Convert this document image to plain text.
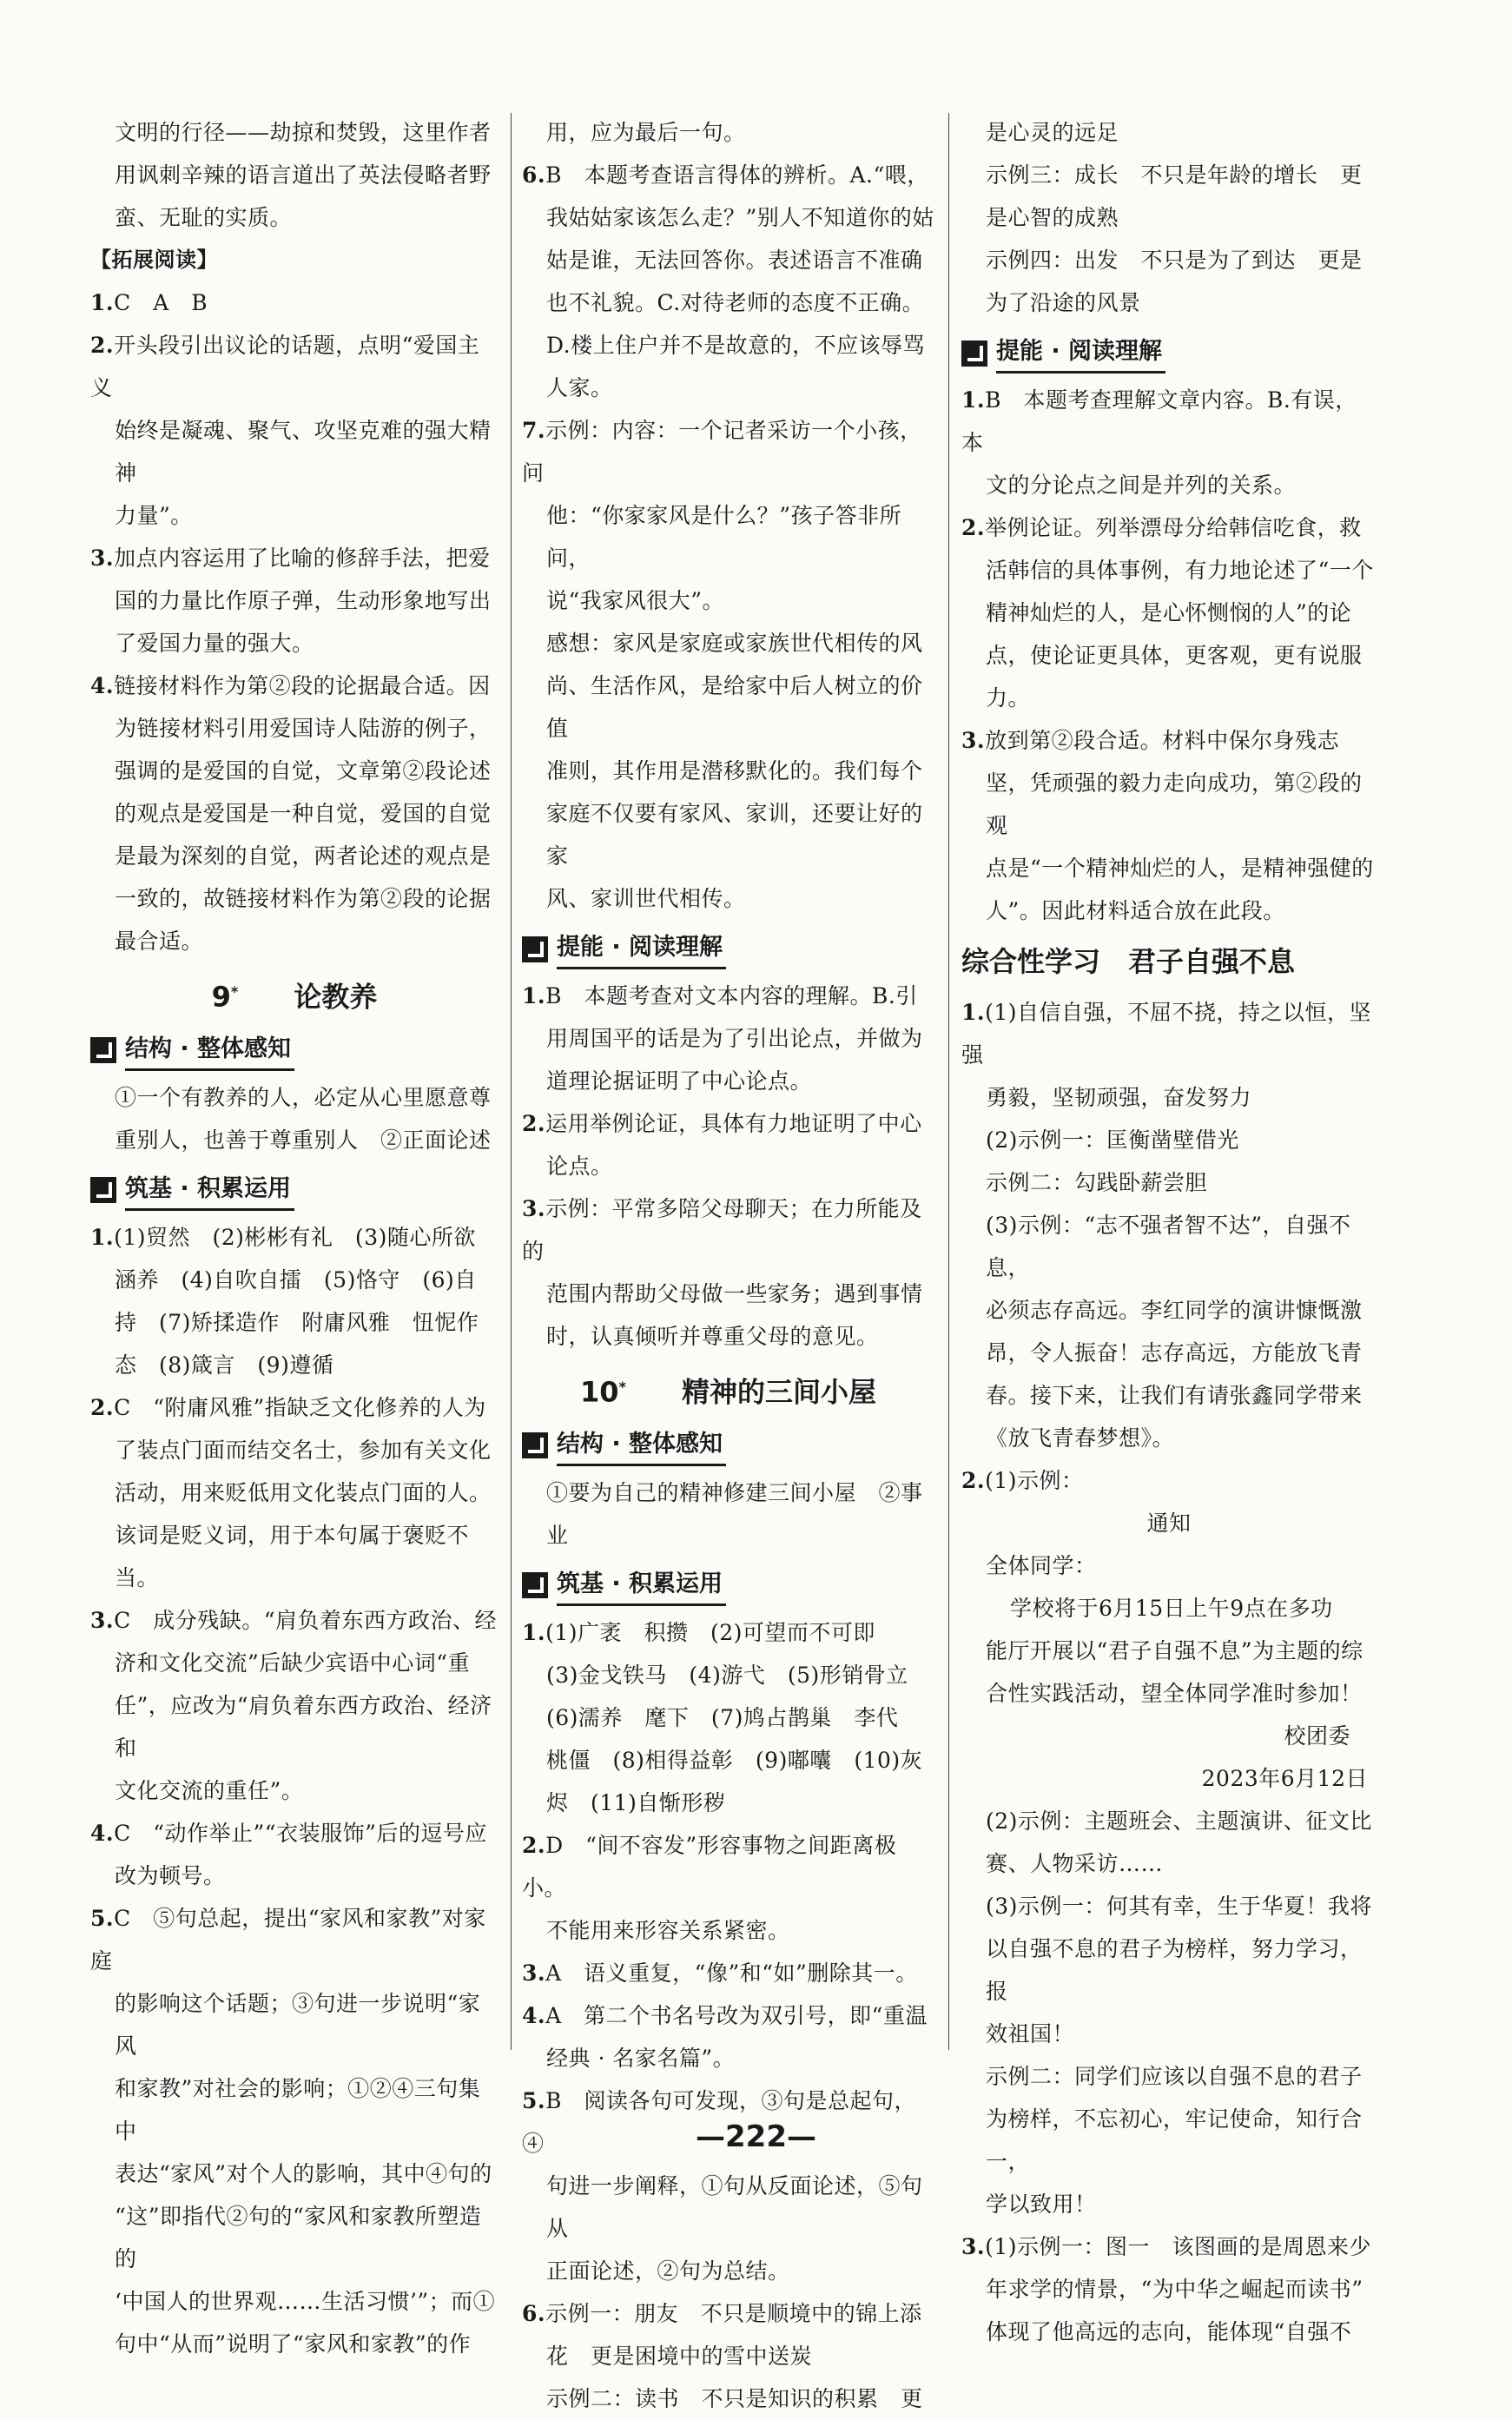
文明的行径——劫掠和焚毁，这里作者

用讽刺辛辣的语言道出了英法侵略者野

蛮、无耻的实质。

【拓展阅读】

1.C　A　B

2.开头段引出议论的话题，点明“爱国主义

始终是凝魂、聚气、攻坚克难的强大精神

力量”。

3.加点内容运用了比喻的修辞手法，把爱

国的力量比作原子弹，生动形象地写出

了爱国力量的强大。

4.链接材料作为第②段的论据最合适。因

为链接材料引用爱国诗人陆游的例子，

强调的是爱国的自觉，文章第②段论述

的观点是爱国是一种自觉，爱国的自觉

是最为深刻的自觉，两者论述的观点是

一致的，故链接材料作为第②段的论据

最合适。

9*　　 论教养
结构 · 整体感知

①一个有教养的人，必定从心里愿意尊

重别人，也善于尊重别人　②正面论述

筑基 · 积累运用

1.(1)贸然　(2)彬彬有礼　(3)随心所欲

涵养　(4)自吹自擂　(5)恪守　(6)自

持　(7)矫揉造作　附庸风雅　忸怩作

态　(8)箴言　(9)遵循

2.C　“附庸风雅”指缺乏文化修养的人为

了装点门面而结交名士，参加有关文化

活动，用来贬低用文化装点门面的人。

该词是贬义词，用于本句属于褒贬不当。

3.C　成分残缺。“肩负着东西方政治、经

济和文化交流”后缺少宾语中心词“重

任”，应改为“肩负着东西方政治、经济和

文化交流的重任”。

4.C　“动作举止”“衣装服饰”后的逗号应

改为顿号。

5.C　⑤句总起，提出“家风和家教”对家庭

的影响这个话题；③句进一步说明“家风

和家教”对社会的影响；①②④三句集中

表达“家风”对个人的影响，其中④句的

“这”即指代②句的“家风和家教所塑造的

‘中国人的世界观……生活习惯’”；而①

句中“从而”说明了“家风和家教”的作

用，应为最后一句。

6.B　本题考查语言得体的辨析。A.“喂，

我姑姑家该怎么走？”别人不知道你的姑

姑是谁，无法回答你。表述语言不准确

也不礼貌。C.对待老师的态度不正确。

D.楼上住户并不是故意的，不应该辱骂

人家。

7.示例：内容：一个记者采访一个小孩，问

他：“你家家风是什么？”孩子答非所问，

说“我家风很大”。

感想：家风是家庭或家族世代相传的风

尚、生活作风，是给家中后人树立的价值

准则，其作用是潜移默化的。我们每个

家庭不仅要有家风、家训，还要让好的家

风、家训世代相传。

提能 · 阅读理解

1.B　本题考查对文本内容的理解。B.引

用周国平的话是为了引出论点，并做为

道理论据证明了中心论点。

2.运用举例论证，具体有力地证明了中心

论点。

3.示例：平常多陪父母聊天；在力所能及的

范围内帮助父母做一些家务；遇到事情

时，认真倾听并尊重父母的意见。

10*　　 精神的三间小屋
结构 · 整体感知

①要为自己的精神修建三间小屋　②事业

筑基 · 积累运用

1.(1)广袤　积攒　(2)可望而不可即

(3)金戈铁马　(4)游弋　(5)形销骨立

(6)濡养　麾下　(7)鸠占鹊巢　李代

桃僵　(8)相得益彰　(9)嘟囔　(10)灰

烬　(11)自惭形秽

2.D　“间不容发”形容事物之间距离极小。

不能用来形容关系紧密。

3.A　语义重复，“像”和“如”删除其一。

4.A　第二个书名号改为双引号，即“重温

经典 · 名家名篇”。

5.B　阅读各句可发现，③句是总起句，④

句进一步阐释，①句从反面论述，⑤句从

正面论述，②句为总结。

6.示例一：朋友　不只是顺境中的锦上添

花　更是困境中的雪中送炭

示例二：读书　不只是知识的积累　更

是心灵的远足

示例三：成长　不只是年龄的增长　更

是心智的成熟

示例四：出发　不只是为了到达　更是

为了沿途的风景

提能 · 阅读理解

1.B　本题考查理解文章内容。B.有误，本

文的分论点之间是并列的关系。

2.举例论证。列举漂母分给韩信吃食，救

活韩信的具体事例，有力地论述了“一个

精神灿烂的人，是心怀恻悯的人”的论

点，使论证更具体，更客观，更有说服力。

3.放到第②段合适。材料中保尔身残志

坚，凭顽强的毅力走向成功，第②段的观

点是“一个精神灿烂的人，是精神强健的

人”。因此材料适合放在此段。

综合性学习　君子自强不息

1.(1)自信自强，不屈不挠，持之以恒，坚强

勇毅，坚韧顽强，奋发努力

(2)示例一：匡衡凿壁借光

示例二：勾践卧薪尝胆

(3)示例：“志不强者智不达”，自强不息，

必须志存高远。李红同学的演讲慷慨激

昂，令人振奋！志存高远，方能放飞青

春。接下来，让我们有请张鑫同学带来

《放飞青春梦想》。

2.(1)示例：

通知

全体同学：

学校将于6月15日上午9点在多功

能厅开展以“君子自强不息”为主题的综

合性实践活动，望全体同学准时参加！

校团委

2023年6月12日

(2)示例：主题班会、主题演讲、征文比

赛、人物采访……

(3)示例一：何其有幸，生于华夏！我将

以自强不息的君子为榜样，努力学习，报

效祖国！

示例二：同学们应该以自强不息的君子

为榜样，不忘初心，牢记使命，知行合一，

学以致用！

3.(1)示例一：图一　该图画的是周恩来少

年求学的情景，“为中华之崛起而读书”

体现了他高远的志向，能体现“自强不

—222—
